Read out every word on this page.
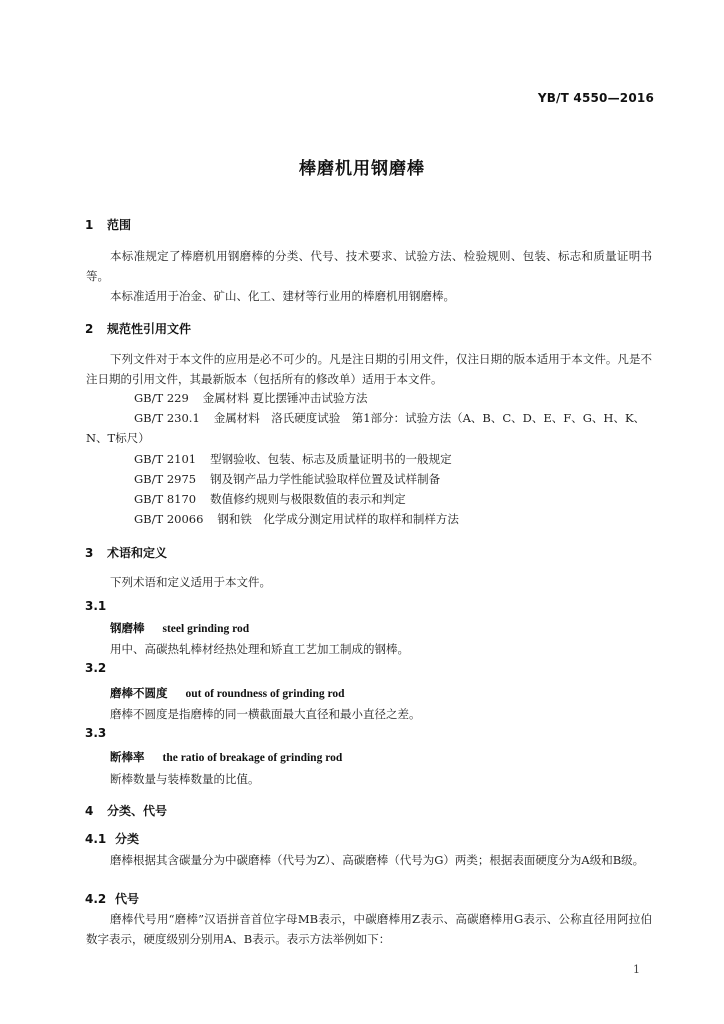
YB/T 4550—2016
棒磨机用钢磨棒
1 范围
本标准规定了棒磨机用钢磨棒的分类、代号、技术要求、试验方法、检验规则、包装、标志和质量证明书等。
本标准适用于冶金、矿山、化工、建材等行业用的棒磨机用钢磨棒。
2 规范性引用文件
下列文件对于本文件的应用是必不可少的。凡是注日期的引用文件，仅注日期的版本适用于本文件。凡是不注日期的引用文件，其最新版本（包括所有的修改单）适用于本文件。
GB/T 229 金属材料 夏比摆锤冲击试验方法
GB/T 230.1 金属材料　洛氏硬度试验　第1部分：试验方法（A、B、C、D、E、F、G、H、K、N、T标尺）
GB/T 2101 型钢验收、包装、标志及质量证明书的一般规定
GB/T 2975 钢及钢产品力学性能试验取样位置及试样制备
GB/T 8170 数值修约规则与极限数值的表示和判定
GB/T 20066 钢和铁　化学成分测定用试样的取样和制样方法
3 术语和定义
下列术语和定义适用于本文件。
3.1
钢磨棒 steel grinding rod
用中、高碳热轧棒材经热处理和矫直工艺加工制成的钢棒。
3.2
磨棒不圆度 out of roundness of grinding rod
磨棒不圆度是指磨棒的同一横截面最大直径和最小直径之差。
3.3
断棒率 the ratio of breakage of grinding rod
断棒数量与装棒数量的比值。
4 分类、代号
4.1 分类
磨棒根据其含碳量分为中碳磨棒（代号为Z）、高碳磨棒（代号为G）两类；根据表面硬度分为A级和B级。
4.2 代号
磨棒代号用“磨棒”汉语拼音首位字母MB表示，中碳磨棒用Z表示、高碳磨棒用G表示、公称直径用阿拉伯数字表示，硬度级别分别用A、B表示。表示方法举例如下：
1
